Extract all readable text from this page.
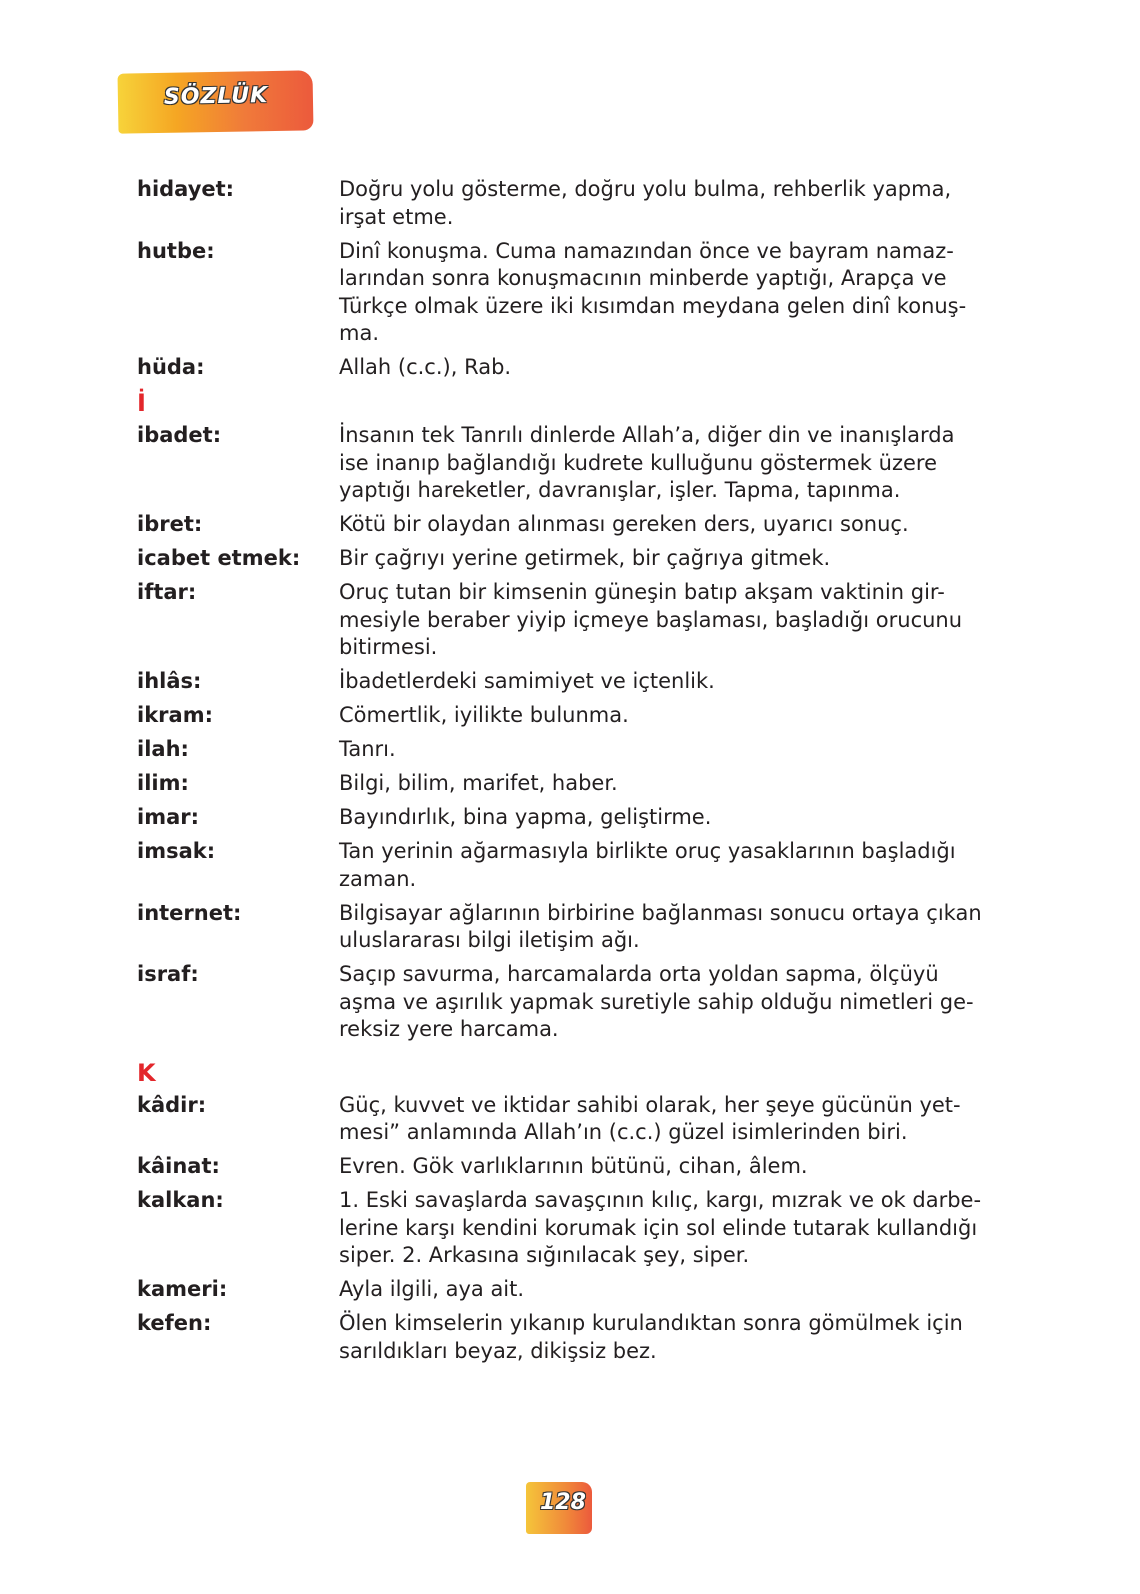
SÖZLÜK
hidayet:	Doğru yolu gösterme, doğru yolu bulma, rehberlik yapma,
irşat etme.
hutbe:	Dinî konuşma. Cuma namazından önce ve bayram namaz-
larından sonra konuşmacının minberde yaptığı, Arapça ve
Türkçe olmak üzere iki kısımdan meydana gelen dinî konuş-
ma.
hüda:	Allah (c.c.), Rab.
İ
ibadet:	İnsanın tek Tanrılı dinlerde Allah’a, diğer din ve inanışlarda
ise inanıp bağlandığı kudrete kulluğunu göstermek üzere
yaptığı hareketler, davranışlar, işler. Tapma, tapınma.
ibret:	Kötü bir olaydan alınması gereken ders, uyarıcı sonuç.
icabet etmek:	Bir çağrıyı yerine getirmek, bir çağrıya gitmek.
iftar:	Oruç tutan bir kimsenin güneşin batıp akşam vaktinin gir-
mesiyle beraber yiyip içmeye başlaması, başladığı orucunu
bitirmesi.
ihlâs:	İbadetlerdeki samimiyet ve içtenlik.
ikram:	Cömertlik, iyilikte bulunma.
ilah:	Tanrı.
ilim:	Bilgi, bilim, marifet, haber.
imar:	Bayındırlık, bina yapma, geliştirme.
imsak:	Tan yerinin ağarmasıyla birlikte oruç yasaklarının başladığı
zaman.
internet:	Bilgisayar ağlarının birbirine bağlanması sonucu ortaya çıkan
uluslararası bilgi iletişim ağı.
israf:	Saçıp savurma, harcamalarda orta yoldan sapma, ölçüyü
aşma ve aşırılık yapmak suretiyle sahip olduğu nimetleri ge-
reksiz yere harcama.
K
kâdir:	Güç, kuvvet ve iktidar sahibi olarak, her şeye gücünün yet-
mesi” anlamında Allah’ın (c.c.) güzel isimlerinden biri.
kâinat:	Evren. Gök varlıklarının bütünü, cihan, âlem.
kalkan:	1. Eski savaşlarda savaşçının kılıç, kargı, mızrak ve ok darbe-
lerine karşı kendini korumak için sol elinde tutarak kullandığı
siper. 2. Arkasına sığınılacak şey, siper.
kameri:	Ayla ilgili, aya ait.
kefen:	Ölen kimselerin yıkanıp kurulandıktan sonra gömülmek için
sarıldıkları beyaz, dikişsiz bez.
128
